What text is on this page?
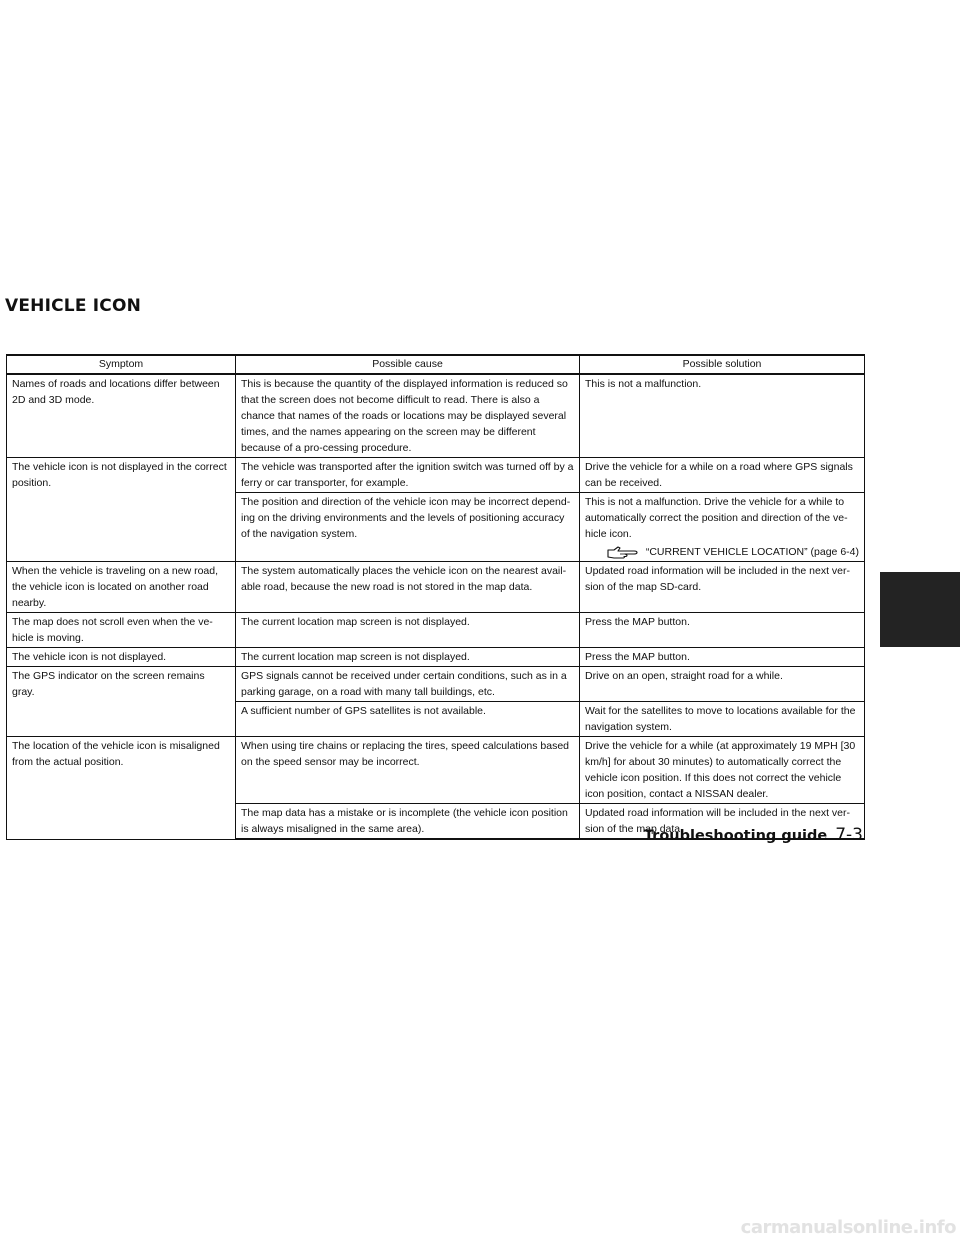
VEHICLE ICON
Symptom	Possible cause	Possible solution
Names of roads and locations differ between 2D and 3D mode.	This is because the quantity of the displayed information is reduced so that the screen does not become difficult to read. There is also a chance that names of the roads or locations may be displayed several times, and the names appearing on the screen may be different because of a pro-cessing procedure.	This is not a malfunction.

The vehicle icon is not displayed in the correct position.	The vehicle was transported after the ignition switch was turned off by a ferry or car transporter, for example.	Drive the vehicle for a while on a road where GPS signals can be received.

	The position and direction of the vehicle icon may be incorrect depend-ing on the driving environments and the levels of positioning accuracy of the navigation system.	This is not a malfunction. Drive the vehicle for a while to automatically correct the position and direction of the ve-hicle icon.
“CURRENT VEHICLE LOCATION” (page 6-4)

When the vehicle is traveling on a new road, the vehicle icon is located on another road nearby.	The system automatically places the vehicle icon on the nearest avail-able road, because the new road is not stored in the map data.	Updated road information will be included in the next ver-sion of the map SD-card.

The map does not scroll even when the ve-hicle is moving.	The current location map screen is not displayed.	Press the MAP button.

The vehicle icon is not displayed.	The current location map screen is not displayed.	Press the MAP button.

The GPS indicator on the screen remains gray.	GPS signals cannot be received under certain conditions, such as in a parking garage, on a road with many tall buildings, etc.	Drive on an open, straight road for a while.

	A sufficient number of GPS satellites is not available.	Wait for the satellites to move to locations available for the navigation system.

The location of the vehicle icon is misaligned from the actual position.	When using tire chains or replacing the tires, speed calculations based on the speed sensor may be incorrect.	Drive the vehicle for a while (at approximately 19 MPH [30 km/h] for about 30 minutes) to automatically correct the vehicle icon position. If this does not correct the vehicle icon position, contact a NISSAN dealer.

	The map data has a mistake or is incomplete (the vehicle icon position is always misaligned in the same area).	Updated road information will be included in the next ver-sion of the map data.
Troubleshooting guide 7-3
carmanualsonline.info
